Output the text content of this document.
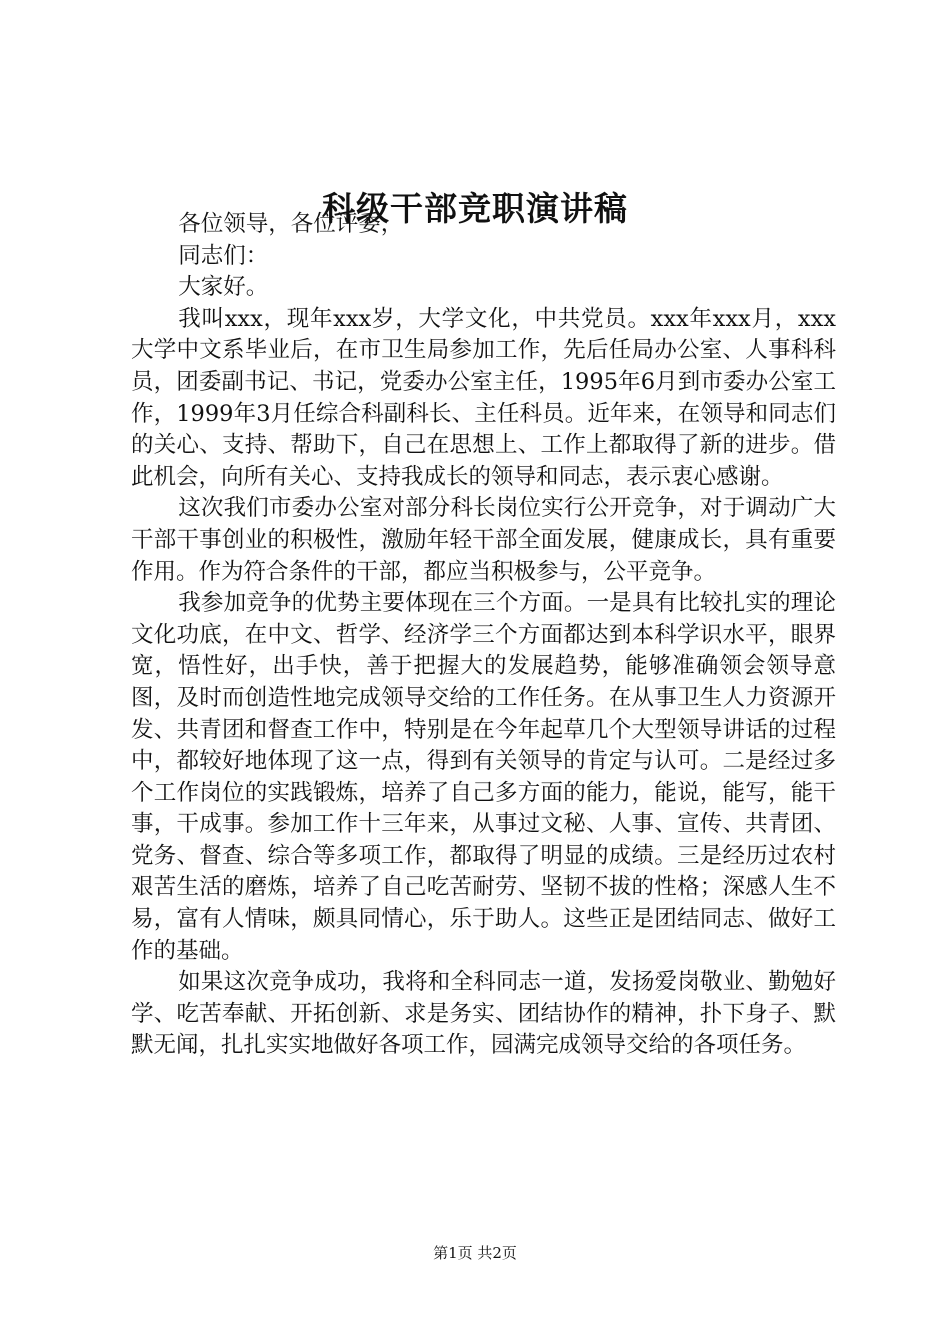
科级干部竞职演讲稿

各位领导，各位评委，

同志们：

大家好。

我叫xxx，现年xxx岁，大学文化，中共党员。xxx年xxx月，xxx大学中文系毕业后，在市卫生局参加工作，先后任局办公室、人事科科员，团委副书记、书记，党委办公室主任，1995年6月到市委办公室工作，1999年3月任综合科副科长、主任科员。近年来，在领导和同志们的关心、支持、帮助下，自己在思想上、工作上都取得了新的进步。借此机会，向所有关心、支持我成长的领导和同志，表示衷心感谢。

这次我们市委办公室对部分科长岗位实行公开竞争，对于调动广大干部干事创业的积极性，激励年轻干部全面发展，健康成长，具有重要作用。作为符合条件的干部，都应当积极参与，公平竞争。

我参加竞争的优势主要体现在三个方面。一是具有比较扎实的理论文化功底，在中文、哲学、经济学三个方面都达到本科学识水平，眼界宽，悟性好，出手快，善于把握大的发展趋势，能够准确领会领导意图，及时而创造性地完成领导交给的工作任务。在从事卫生人力资源开发、共青团和督查工作中，特别是在今年起草几个大型领导讲话的过程中，都较好地体现了这一点，得到有关领导的肯定与认可。二是经过多个工作岗位的实践锻炼，培养了自己多方面的能力，能说，能写，能干事，干成事。参加工作十三年来，从事过文秘、人事、宣传、共青团、党务、督查、综合等多项工作，都取得了明显的成绩。三是经历过农村艰苦生活的磨炼，培养了自己吃苦耐劳、坚韧不拔的性格；深感人生不易，富有人情味，颇具同情心，乐于助人。这些正是团结同志、做好工作的基础。

如果这次竞争成功，我将和全科同志一道，发扬爱岗敬业、勤勉好学、吃苦奉献、开拓创新、求是务实、团结协作的精神，扑下身子、默默无闻，扎扎实实地做好各项工作，园满完成领导交给的各项任务。

第1页 共2页
